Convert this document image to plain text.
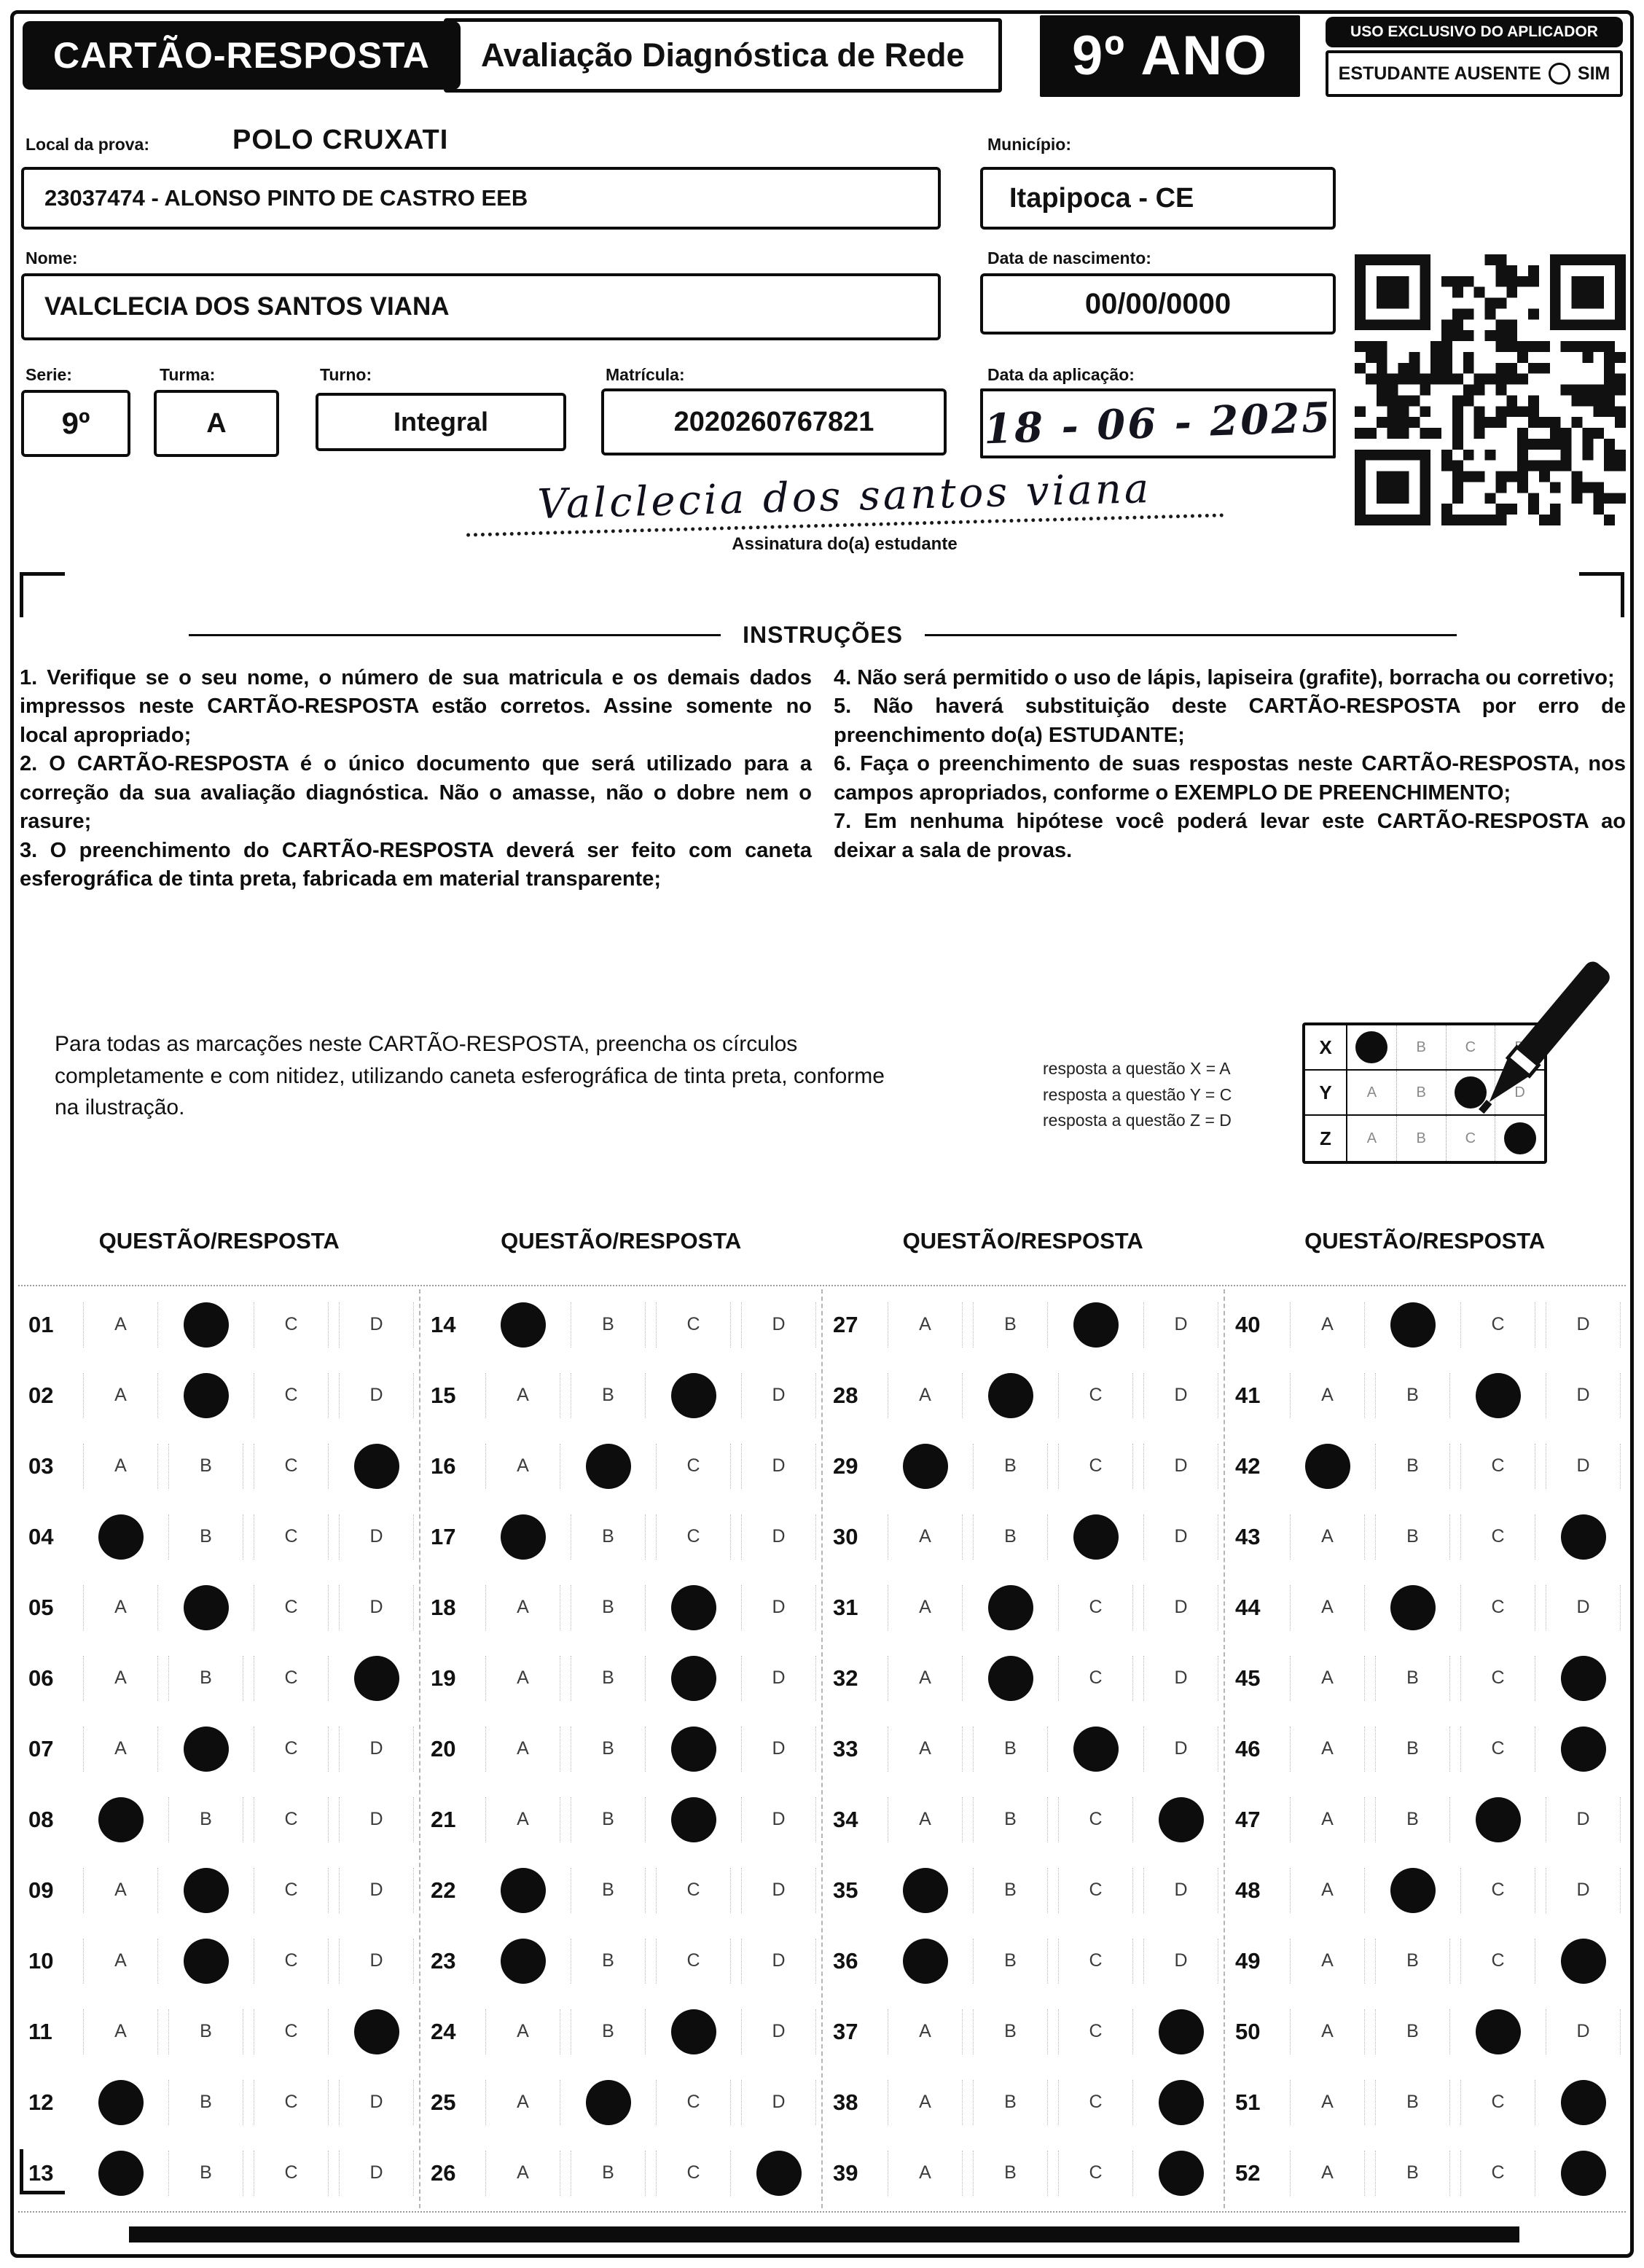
CARTÃO-RESPOSTA	Avaliação Diagnóstica de Rede	9º ANO	USO EXCLUSIVO DO APLICADOR
ESTUDANTE AUSENTE SIM
Local da prova:	POLO CRUXATI	Município:
23037474 - ALONSO PINTO DE CASTRO EEB	Itapipoca - CE
Nome:
VALCLECIA DOS SANTOS VIANA
Data de nascimento:
00/00/0000
Serie:	Turma:	Turno:	Matrícula:	Data da aplicação:
9º	A	Integral	2020260767821	18 - 06 - 2025
Valclecia dos santos viana
Assinatura do(a) estudante
INSTRUÇÕES

1. Verifique se o seu nome, o número de sua matricula e os demais dados impressos neste CARTÃO-RESPOSTA estão corretos. Assine somente no local apropriado;

2. O CARTÃO-RESPOSTA é o único documento que será utilizado para a correção da sua avaliação diagnóstica. Não o amasse, não o dobre nem o rasure;

3. O preenchimento do CARTÃO-RESPOSTA deverá ser feito com caneta esferográfica de tinta preta, fabricada em material transparente;

4. Não será permitido o uso de lápis, lapiseira (grafite), borracha ou corretivo;

5. Não haverá substituição deste CARTÃO-RESPOSTA por erro de preenchimento do(a) ESTUDANTE;

6. Faça o preenchimento de suas respostas neste CARTÃO-RESPOSTA, nos campos apropriados, conforme o EXEMPLO DE PREENCHIMENTO;

7. Em nenhuma hipótese você poderá levar este CARTÃO-RESPOSTA ao deixar a sala de provas.

Para todas as marcações neste CARTÃO-RESPOSTA, preencha os círculos completamente e com nitidez, utilizando caneta esferográfica de tinta preta, conforme na ilustração.

resposta a questão X = A
resposta a questão Y = C
resposta a questão Z = D
X	B	C
Y	A	B	D
Z	A	B	C
QUESTÃO/RESPOSTA	QUESTÃO/RESPOSTA	QUESTÃO/RESPOSTA	QUESTÃO/RESPOSTA
01	A	C	D
02	A	C	D
03	A	B	C
04	B	C	D
05	A	C	D
06	A	B	C
07	A	C	D
08	B	C	D
09	A	C	D
10	A	C	D
11	A	B	C
12	B	C	D
13	B	C	D
14	B	C	D
15	A	B	D
16	A	C	D
17	B	C	D
18	A	B	D
19	A	B	D
20	A	B	D
21	A	B	D
22	B	C	D
23	B	C	D
24	A	B	D
25	A	C	D
26	A	B	C
27	A	B	D
28	A	C	D
29	B	C	D
30	A	B	D
31	A	C	D
32	A	C	D
33	A	B	D
34	A	B	C
35	B	C	D
36	B	C	D
37	A	B	C
38	A	B	C
39	A	B	C
40	A	C	D
41	A	B	D
42	B	C	D
43	A	B	C
44	A	C	D
45	A	B	C
46	A	B	C
47	A	B	D
48	A	C	D
49	A	B	C
50	A	B	D
51	A	B	C
52	A	B	C
